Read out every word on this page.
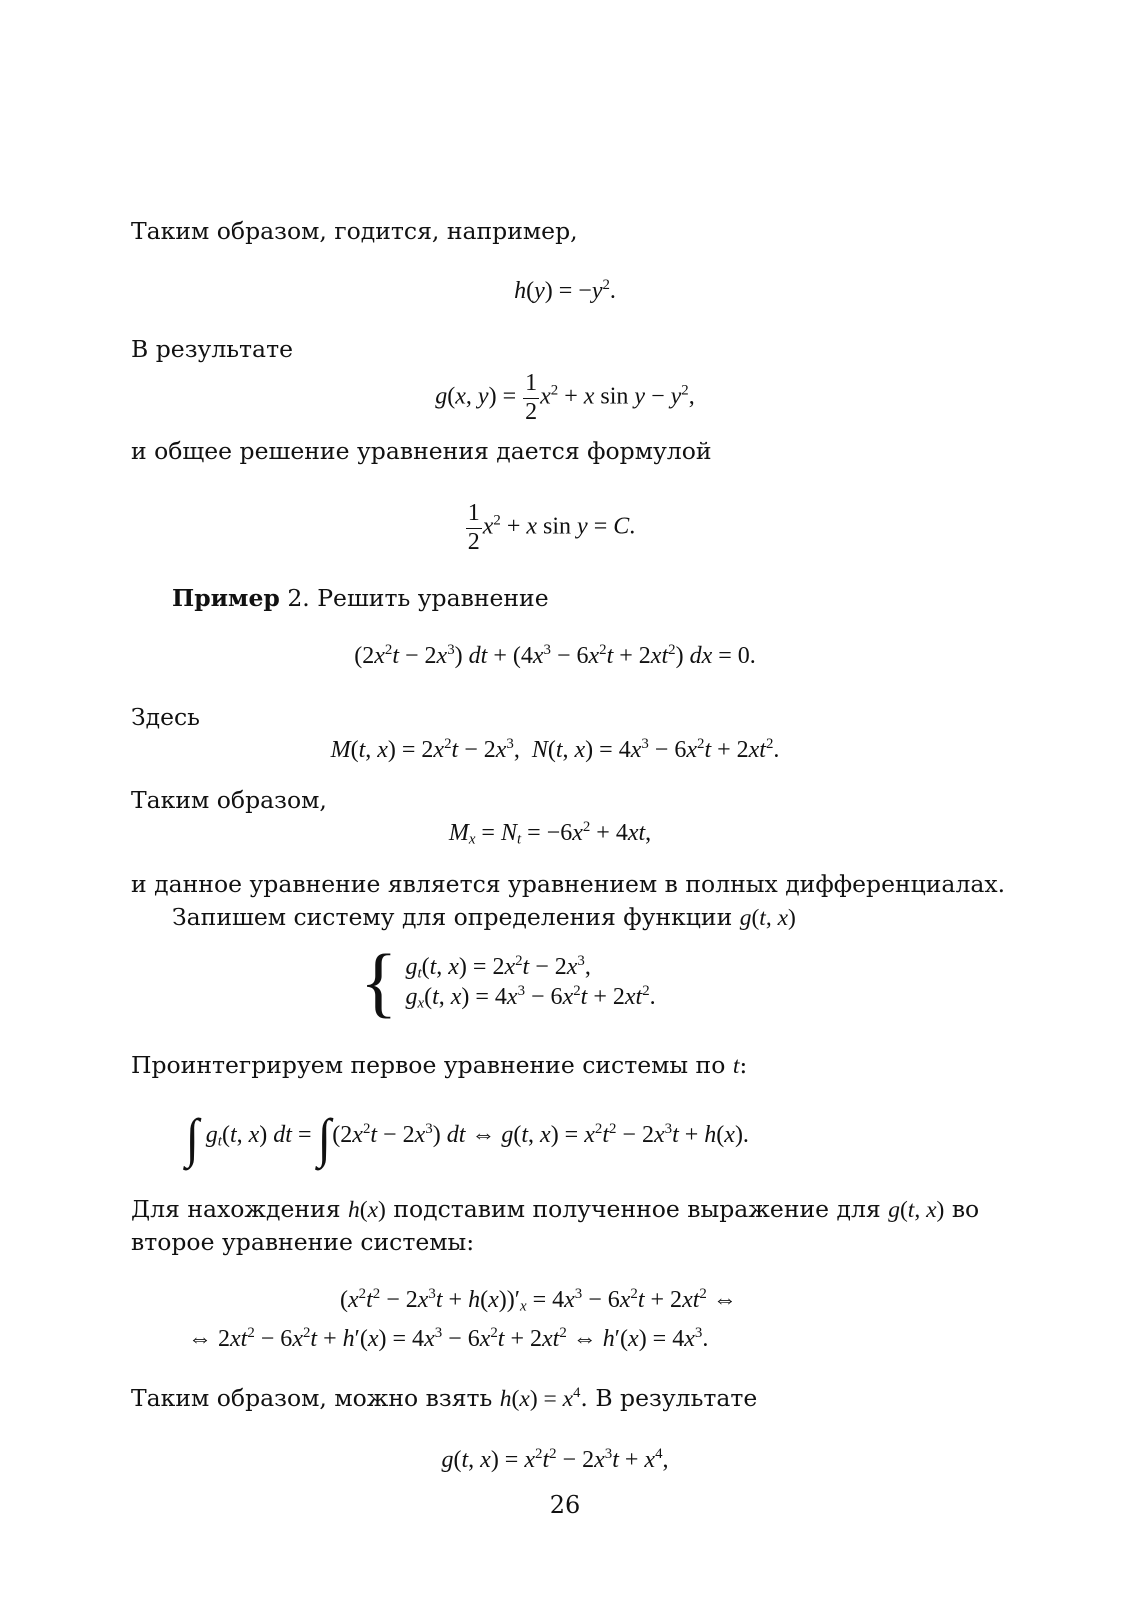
Таким образом, годится, например,
$h(y) = -y^2$.
В результате
g(x, $y) = \frac{1}{2} x^2 + x$ $\sin y - y^2$,
и общее решение уравнения дается формулой
$\frac{1}{2} x^2 + x$ sin y = C.
Пример 2. Решить уравнение
$(2x^2t - 2x^3)$ dt + $(4x^3 - 6x^2t + 2xt^2)$ dx = 0.
Здесь
M(t, $x) = 2x^2t - 2x^3$,  N(t, $x) = 4x^3 - 6x^2t + 2xt^2$.
Таким образом,
$M_x = N_t = -6x^2 + 4xt$,
и данное уравнение является уравнением в полных дифференциалах.
Запишем систему для определения функции g(t, x)
{ $g_t(t$, $x) = 2x^2t - 2x^3$,
$g_x(t$, $x) = 4x^3 - 6x^2t + 2xt^2$.
Проинтегрируем первое уравнение системы по t:
∫ $g_t(t$, x) dt = $\int(2x^2t - 2x^3)$ dt ⇔ g(t, $x) = x^2t^2 - 2x^3t + h(x)$.
Для нахождения h(x) подставим полученное выражение для g(t, x) во
второе уравнение системы:
$(x^2t^2 - 2x^3t + h(x))'_x = 4x^3 - 6x^2t + 2xt^2$ ⇔
⇔ $2xt^2 - 6x^2t + h'(x) = 4x^3 - 6x^2t + 2xt^2$ ⇔ $h'(x) = 4x^3$.
Таким образом, можно взять $h(x) = x^4$. В результате
g(t, $x) = x^2t^2 - 2x^3t + x^4$,
26
